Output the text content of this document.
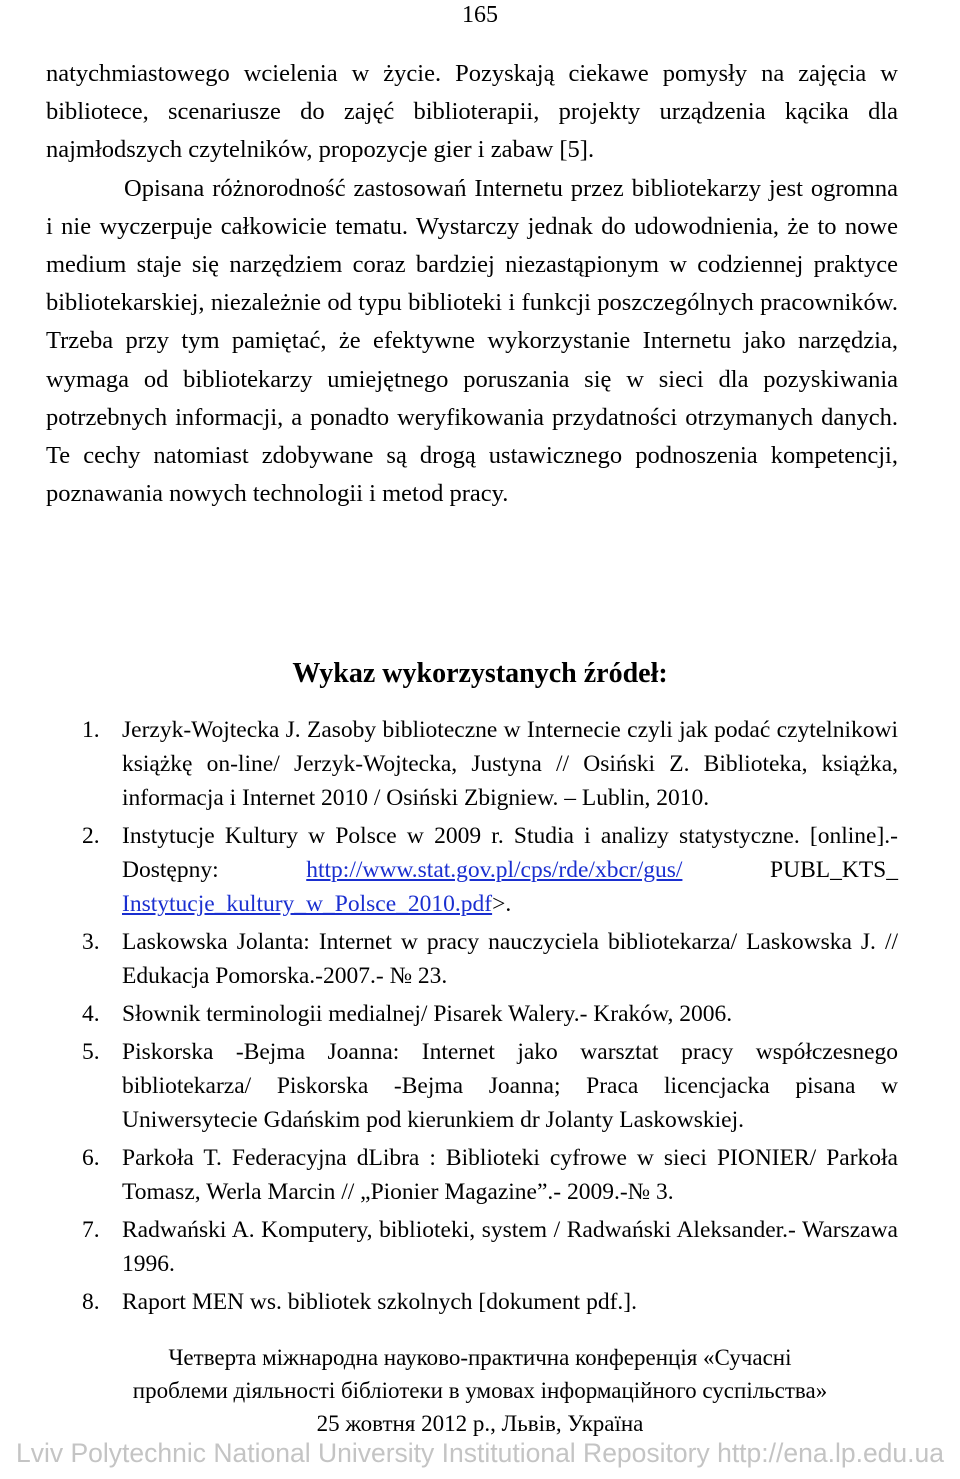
165

natychmiastowego wcielenia w życie. Pozyskają ciekawe pomysły na zajęcia w bibliotece, scenariusze do zajęć biblioterapii, projekty urządzenia kącika dla najmłodszych czytelników, propozycje gier i zabaw [5].

Opisana różnorodność zastosowań Internetu przez bibliotekarzy jest ogromna i nie wyczerpuje całkowicie tematu. Wystarczy jednak do udowodnienia, że to nowe medium staje się narzędziem coraz bardziej niezastąpionym w codziennej praktyce bibliotekarskiej, niezależnie od typu biblioteki i funkcji poszczególnych pracowników. Trzeba przy tym pamiętać, że efektywne wykorzystanie Internetu jako narzędzia, wymaga od bibliotekarzy umiejętnego poruszania się w sieci dla pozyskiwania potrzebnych informacji, a ponadto weryfikowania przydatności otrzymanych danych. Te cechy natomiast zdobywane są drogą ustawicznego podnoszenia kompetencji, poznawania nowych technologii i metod pracy.

Wykaz wykorzystanych źródeł:
1. Jerzyk-Wojtecka J. Zasoby biblioteczne w Internecie czyli jak podać czytelnikowi książkę on-line/ Jerzyk-Wojtecka, Justyna // Osiński Z. Biblioteka, książka, informacja i Internet 2010 / Osiński Zbigniew. – Lublin, 2010.
2. Instytucje Kultury w Polsce w 2009 r. Studia i analizy statystyczne. [online].- Dostępny: http://www.stat.gov.pl/cps/rde/xbcr/gus/ PUBL_KTS_ Instytucje_kultury_w_Polsce_2010.pdf>.
3. Laskowska Jolanta: Internet w pracy nauczyciela bibliotekarza/ Laskowska J. // Edukacja Pomorska.-2007.- № 23.
4. Słownik terminologii medialnej/ Pisarek Walery.- Kraków, 2006.
5. Piskorska -Bejma Joanna: Internet jako warsztat pracy współczesnego bibliotekarza/ Piskorska -Bejma Joanna; Praca licencjacka pisana w Uniwersytecie Gdańskim pod kierunkiem dr Jolanty Laskowskiej.
6. Parkoła T. Federacyjna dLibra : Biblioteki cyfrowe w sieci PIONIER/ Parkoła Tomasz, Werla Marcin // „Pionier Magazine”.- 2009.-№ 3.
7. Radwański A. Komputery, biblioteki, system / Radwański Aleksander.- Warszawa 1996.
8. Raport MEN ws. bibliotek szkolnych [dokument pdf.].
Четверта міжнародна науково-практична конференція «Сучасні
проблеми діяльності бібліотеки в умовах інформаційного суспільства»
25 жовтня 2012 р., Львів, Україна
Lviv Polytechnic National University Institutional Repository http://ena.lp.edu.ua
